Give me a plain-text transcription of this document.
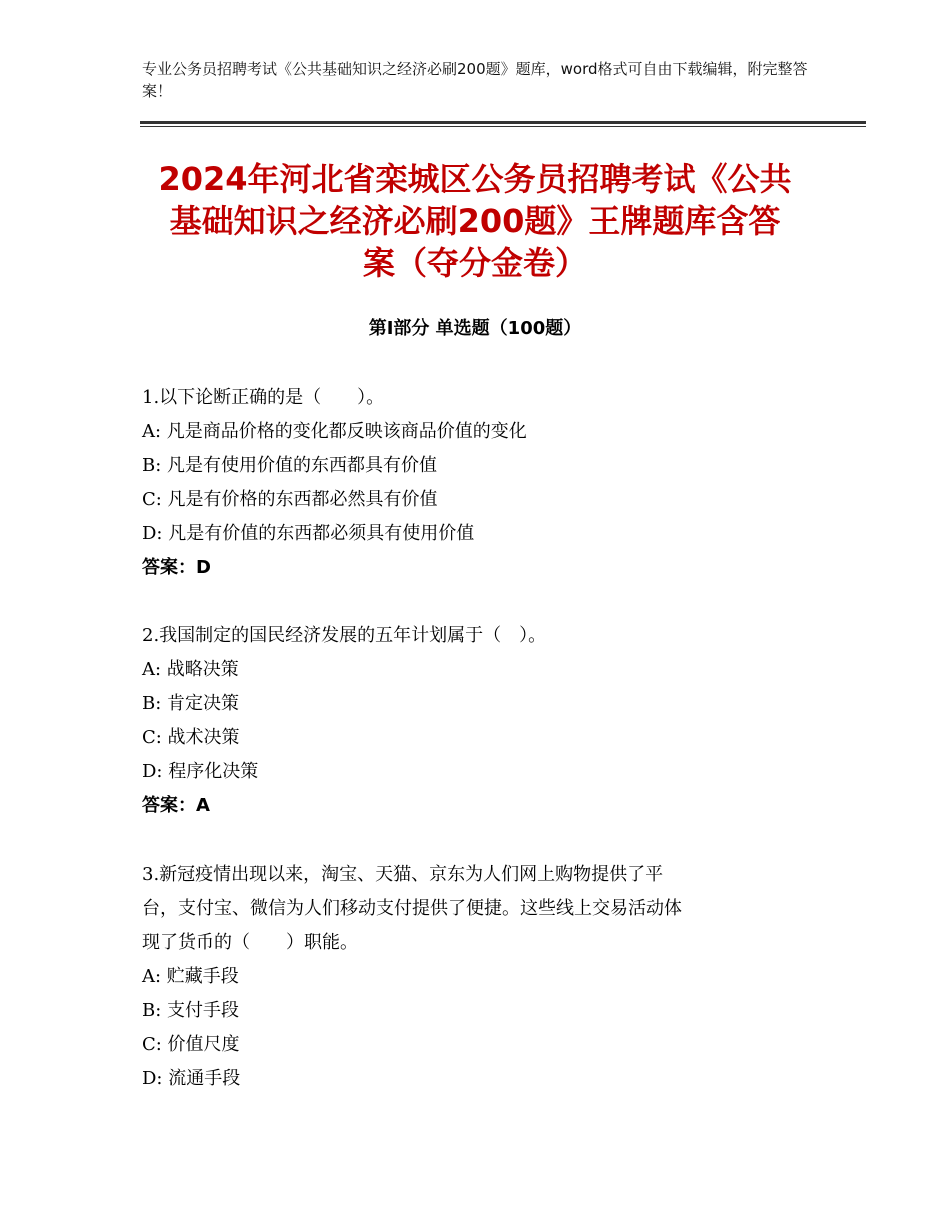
专业公务员招聘考试《公共基础知识之经济必刷200题》题库，word格式可自由下载编辑，附完整答案！
2024年河北省栾城区公务员招聘考试《公共
基础知识之经济必刷200题》王牌题库含答
案（夺分金卷）
第Ⅰ部分 单选题（100题）
1.以下论断正确的是（　　）。
A: 凡是商品价格的变化都反映该商品价值的变化
B: 凡是有使用价值的东西都具有价值
C: 凡是有价格的东西都必然具有价值
D: 凡是有价值的东西都必须具有使用价值
答案：D
2.我国制定的国民经济发展的五年计划属于（　）。
A: 战略决策
B: 肯定决策
C: 战术决策
D: 程序化决策
答案：A
3.新冠疫情出现以来，淘宝、天猫、京东为人们网上购物提供了平
台，支付宝、微信为人们移动支付提供了便捷。这些线上交易活动体
现了货币的（　　）职能。
A: 贮藏手段
B: 支付手段
C: 价值尺度
D: 流通手段
